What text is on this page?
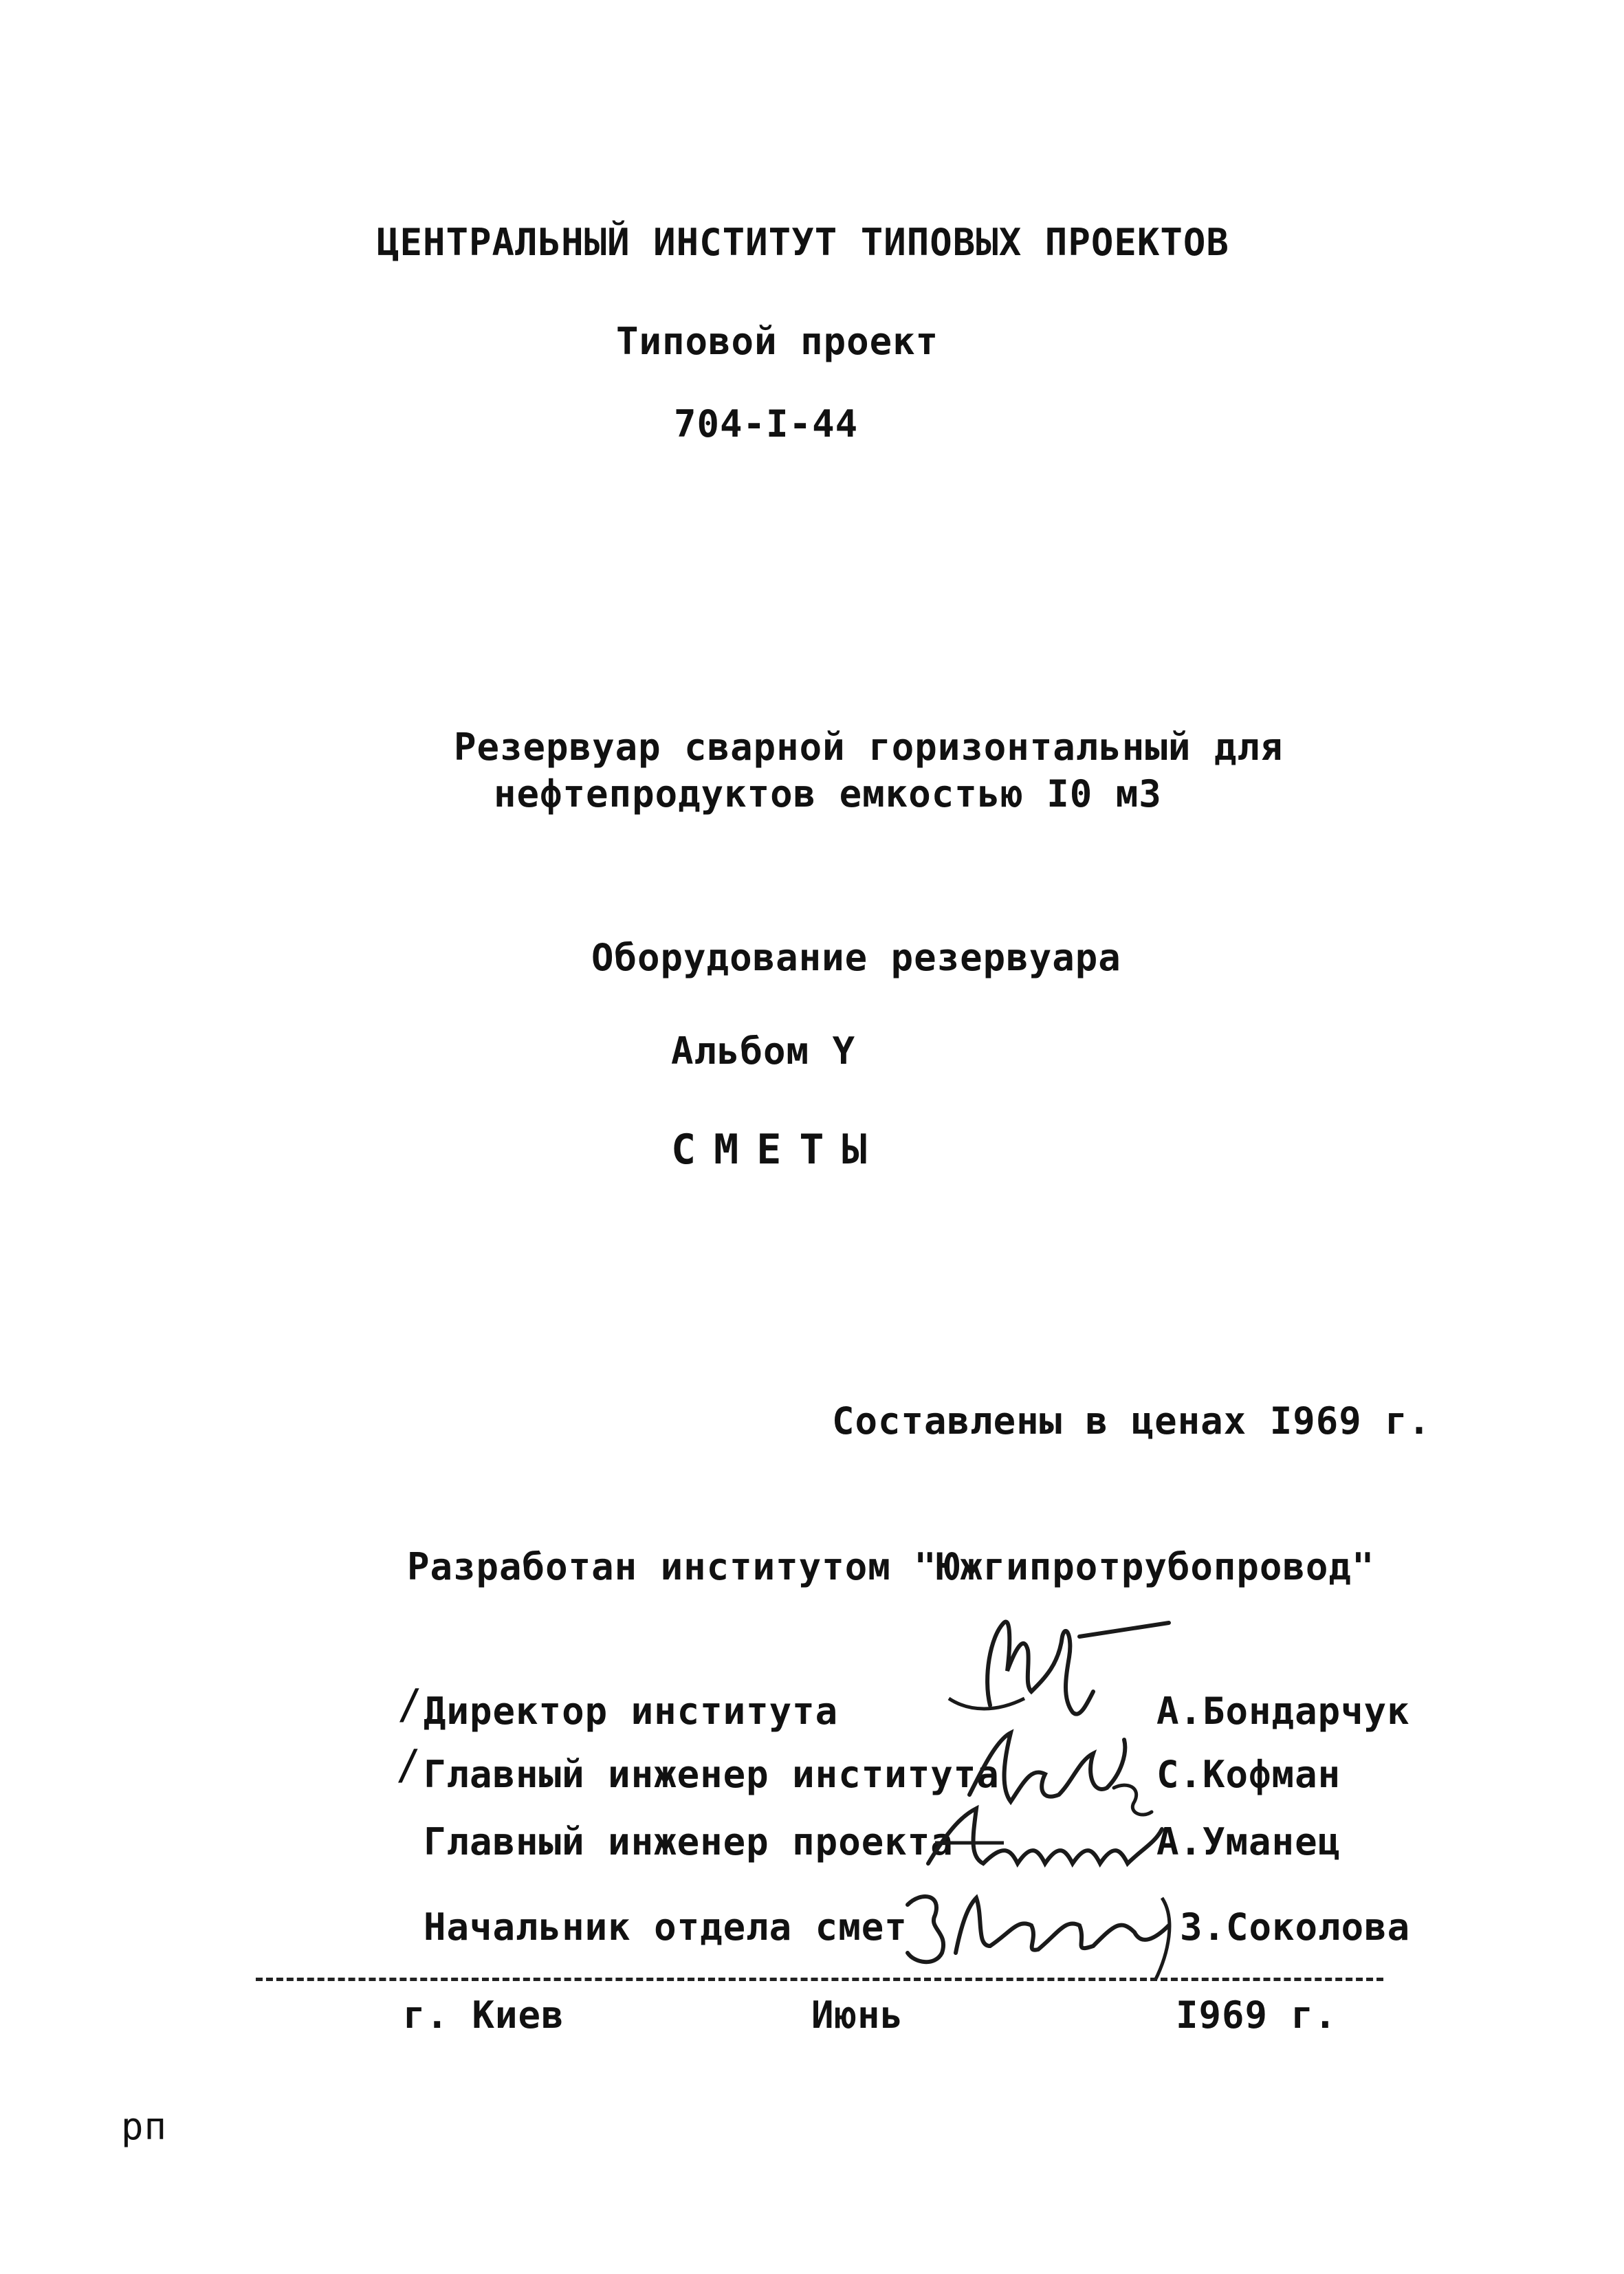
ЦЕНТРАЛЬНЫЙ ИНСТИТУТ ТИПОВЫХ ПРОЕКТОВ
Типовой проект
704-I-44
Резервуар сварной горизонтальный для
нефтепродуктов емкостью I0 м3
Оборудование резервуара
Альбом Y
СМЕТЫ
Составлены в ценах I969 г.
Разработан институтом "Южгипротрубопровод"
/ Директор института
/ Главный инженер института
Главный инженер проекта
Начальник отдела смет
А.Бондарчук
С.Кофман
А.Уманец
З.Соколова
г. Киев	Июнь	I969 г.
рп
